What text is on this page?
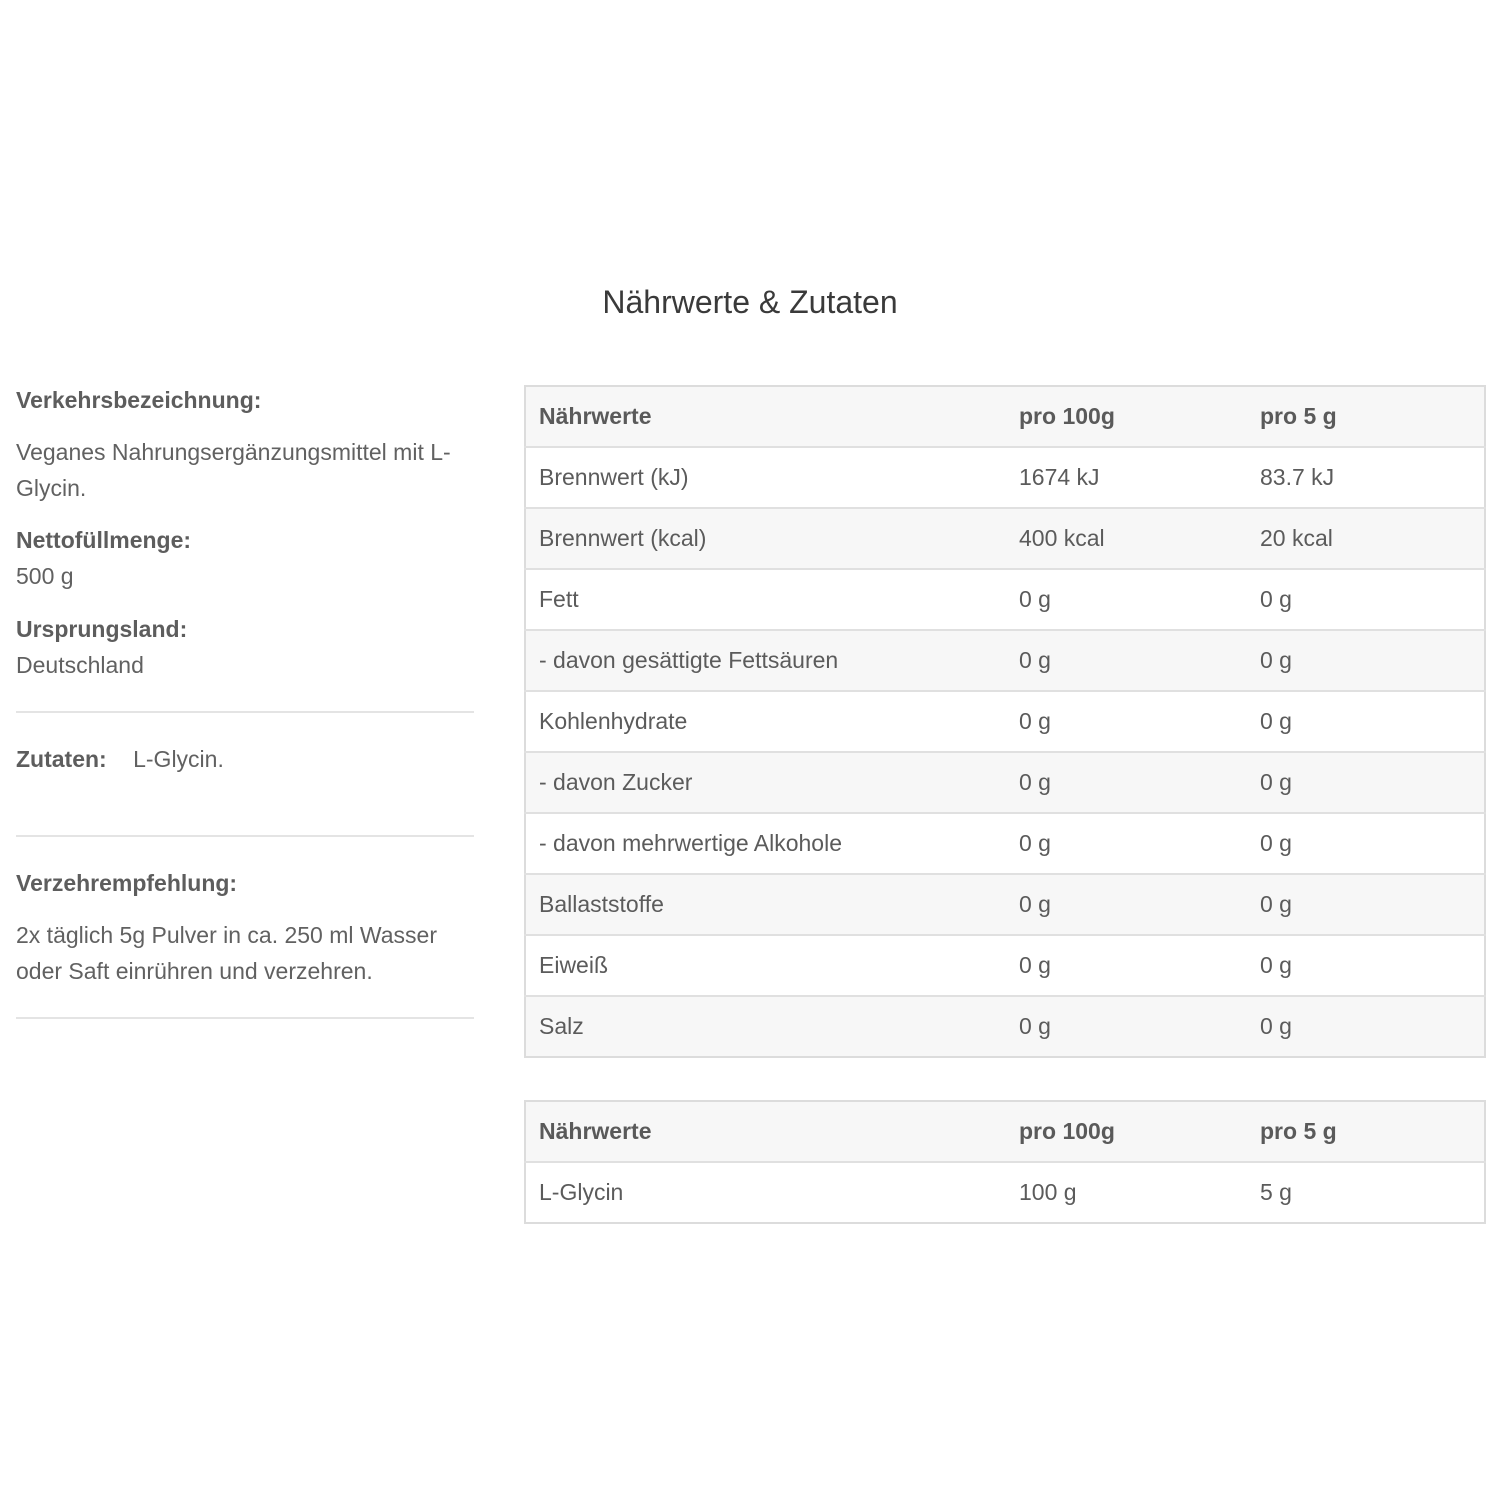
Nährwerte & Zutaten

Verkehrsbezeichnung:

Veganes Nahrungsergänzungsmittel mit L-Glycin.

Nettofüllmenge:

500 g

Ursprungsland:

Deutschland

Zutaten: L-Glycin.

Verzehrempfehlung:

2x täglich 5g Pulver in ca. 250 ml Wasser oder Saft einrühren und verzehren.

Nährwerte	pro 100g	pro 5 g
Brennwert (kJ)	1674 kJ	83.7 kJ
Brennwert (kcal)	400 kcal	20 kcal
Fett	0 g	0 g
- davon gesättigte Fettsäuren	0 g	0 g
Kohlenhydrate	0 g	0 g
- davon Zucker	0 g	0 g
- davon mehrwertige Alkohole	0 g	0 g
Ballaststoffe	0 g	0 g
Eiweiß	0 g	0 g
Salz	0 g	0 g
Nährwerte	pro 100g	pro 5 g
L-Glycin	100 g	5 g
